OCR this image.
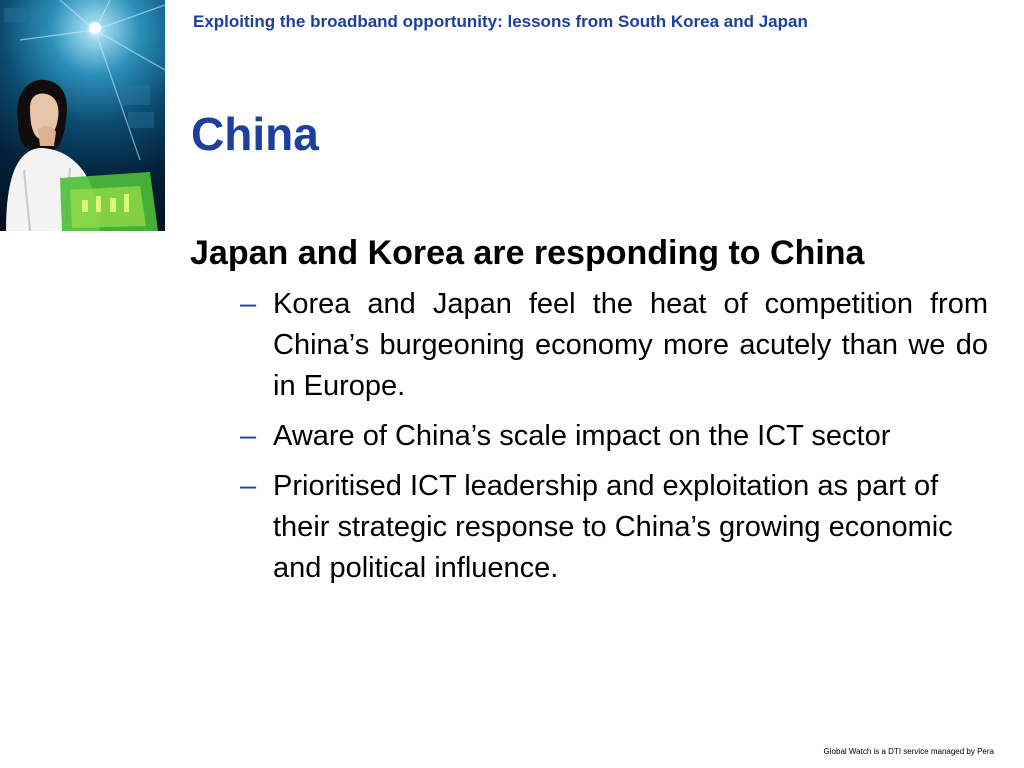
Exploiting the broadband opportunity: lessons from South Korea and Japan
China
Japan and Korea are responding to China
– Korea and Japan feel the heat of competition from China’s burgeoning economy more acutely than we do in Europe.
– Aware of China’s scale impact on the ICT sector
– Prioritised ICT leadership and exploitation as part of their strategic response to China’s growing economic and political influence.
Global Watch is a DTI service managed by Pera
